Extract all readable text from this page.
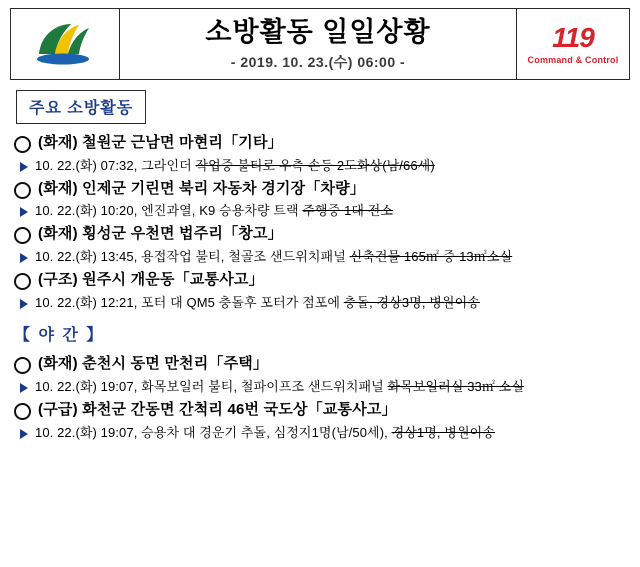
소방활동 일일상황
- 2019. 10. 23.(수) 06:00 -
119
Command & Control
주요 소방활동
(화재) 철원군 근남면 마현리「기타」
10. 22.(화) 07:32, 그라인더 작업중 불티로 우측 손등 2도화상(남/66세)
(화재) 인제군 기린면 북리 자동차 경기장「차량」
10. 22.(화) 10:20, 엔진과열, K9 승용차량 트랙 주행중 1대 전소
(화재) 횡성군 우천면 법주리「창고」
10. 22.(화) 13:45, 용접작업 불티, 철골조 샌드위치패널 신축건물 165㎡ 중 13㎡소실
(구조) 원주시 개운동「교통사고」
10. 22.(화) 12:21, 포터 대 QM5 충돌후 포터가 점포에 충돌, 경상3명, 병원이송
【 야 간 】
(화재) 춘천시 동면 만천리「주택」
10. 22.(화) 19:07, 화목보일러 불티, 철파이프조 샌드위치패널 화목보일러실 33㎡ 소실
(구급) 화천군 간동면 간척리 46번 국도상「교통사고」
10. 22.(화) 19:07, 승용차 대 경운기 추돌, 심정지1명(남/50세), 경상1명, 병원이송
